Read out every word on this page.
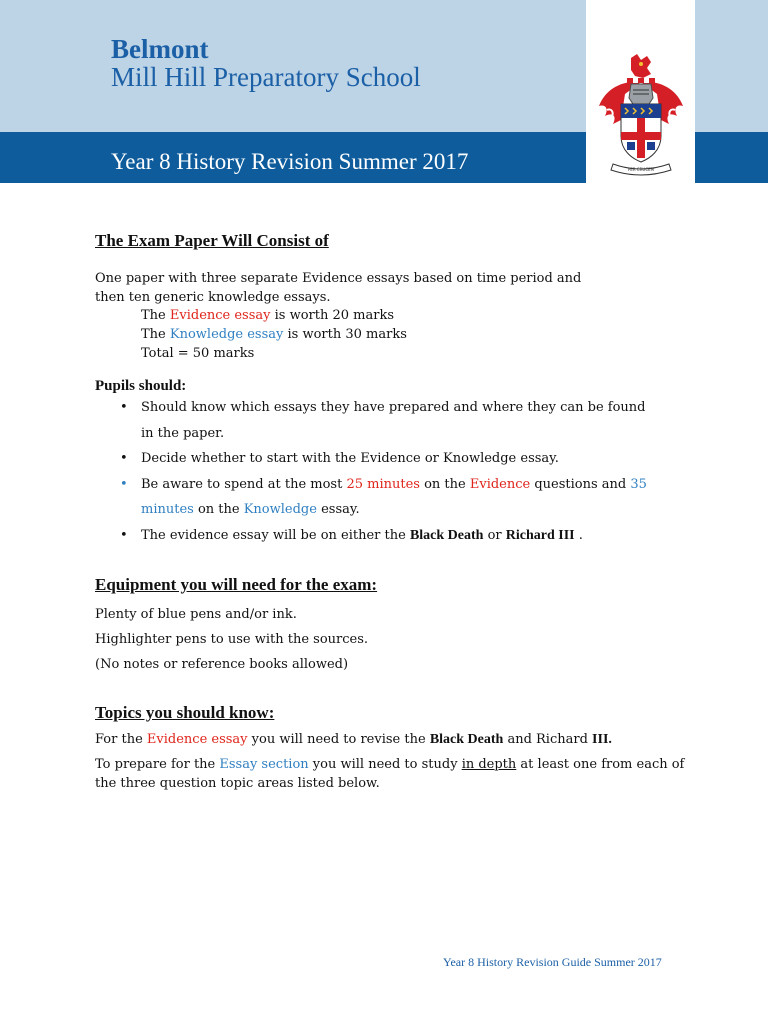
Belmont
Mill Hill Preparatory School
Year 8 History Revision Summer 2017	PER CRUCEM
The Exam Paper Will Consist of
One paper with three separate Evidence essays based on time period and
then ten generic knowledge essays.
The Evidence essay is worth 20 marks
The Knowledge essay is worth 30 marks
Total = 50 marks
Pupils should:
• Should know which essays they have prepared and where they can be found
in the paper.
• Decide whether to start with the Evidence or Knowledge essay.
• Be aware to spend at the most 25 minutes on the Evidence questions and 35
minutes on the Knowledge essay.
• The evidence essay will be on either the Black Death or Richard III .
Equipment you will need for the exam:
Plenty of blue pens and/or ink.
Highlighter pens to use with the sources.
(No notes or reference books allowed)
Topics you should know:
For the Evidence essay you will need to revise the Black Death and Richard III.
To prepare for the Essay section you will need to study in depth at least one from each of
the three question topic areas listed below.
Year 8 History Revision Guide Summer 2017
